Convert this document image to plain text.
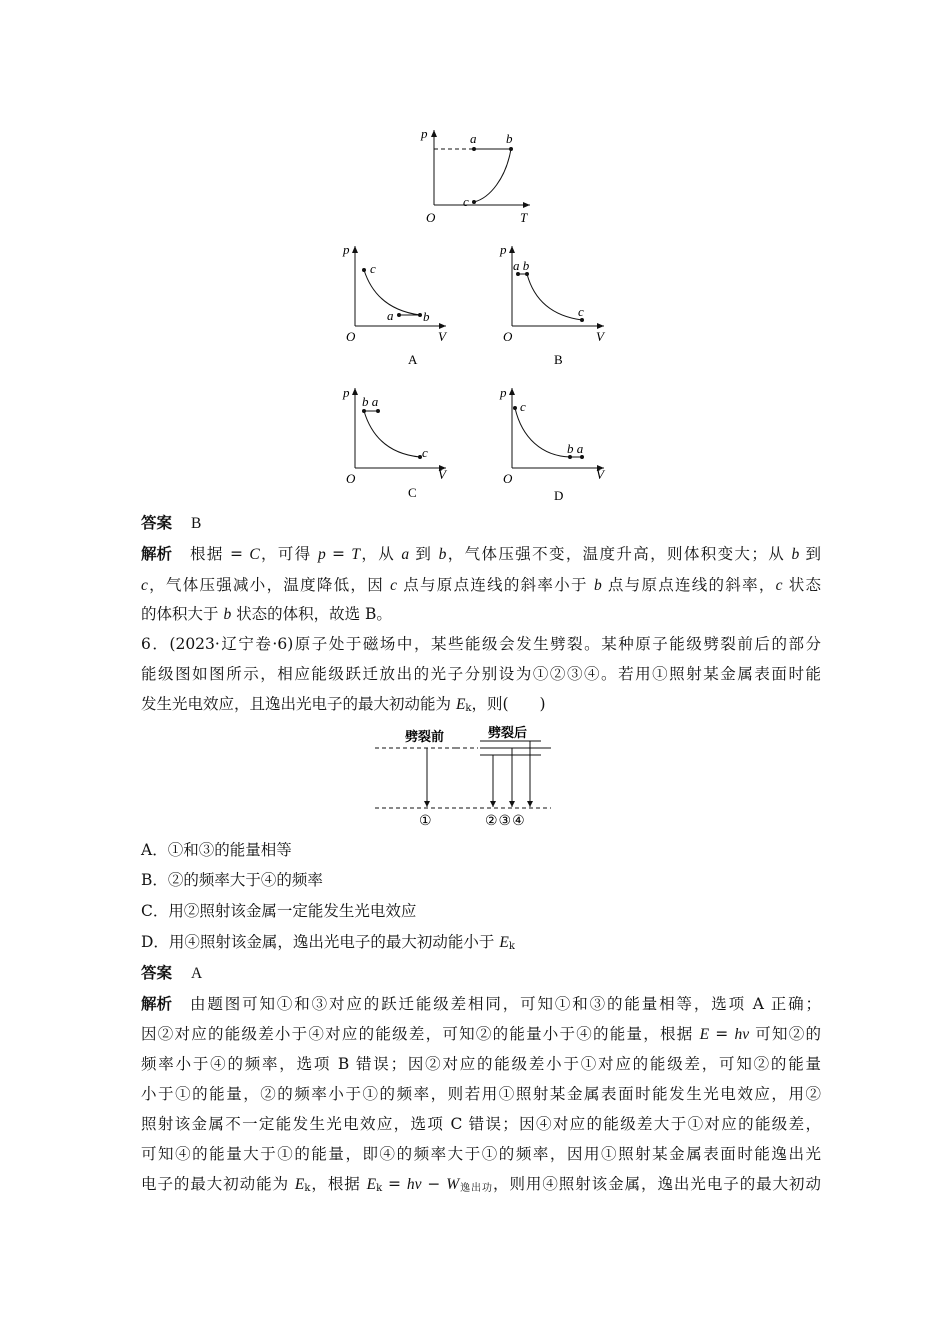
p
T
O
a b
c
p
V
O
c
a b
A
p
V
O
a b
c
B
p
V
O
b a
c
C
p
V
O
c
b a
D
答案 B
解析 根据 = C，可得 p = T，从 a 到 b，气体压强不变，温度升高，则体积变大；从 b 到
c，气体压强减小，温度降低，因 c 点与原点连线的斜率小于 b 点与原点连线的斜率，c 状态
的体积大于 b 状态的体积，故选 B。
6．(2023·辽宁卷·6)原子处于磁场中，某些能级会发生劈裂。某种原子能级劈裂前后的部分
能级图如图所示，相应能级跃迁放出的光子分别设为①②③④。若用①照射某金属表面时能
发生光电效应，且逸出光电子的最大初动能为 $E_k$，则(　　)
劈裂前	劈裂后
①	②③④
A．①和③的能量相等
B．②的频率大于④的频率
C．用②照射该金属一定能发生光电效应
D．用④照射该金属，逸出光电子的最大初动能小于 $E_k$
答案 A
解析 由题图可知①和③对应的跃迁能级差相同，可知①和③的能量相等，选项 A 正确；
因②对应的能级差小于④对应的能级差，可知②的能量小于④的能量，根据 E = hν 可知②的
频率小于④的频率，选项 B 错误；因②对应的能级差小于①对应的能级差，可知②的能量
小于①的能量，②的频率小于①的频率，则若用①照射某金属表面时能发生光电效应，用②
照射该金属不一定能发生光电效应，选项 C 错误；因④对应的能级差大于①对应的能级差，
可知④的能量大于①的能量，即④的频率大于①的频率，因用①照射某金属表面时能逸出光
电子的最大初动能为 $E_k$，根据 $E_k = h\nu - W_{逸出功}$，则用④照射该金属，逸出光电子的最大初动
